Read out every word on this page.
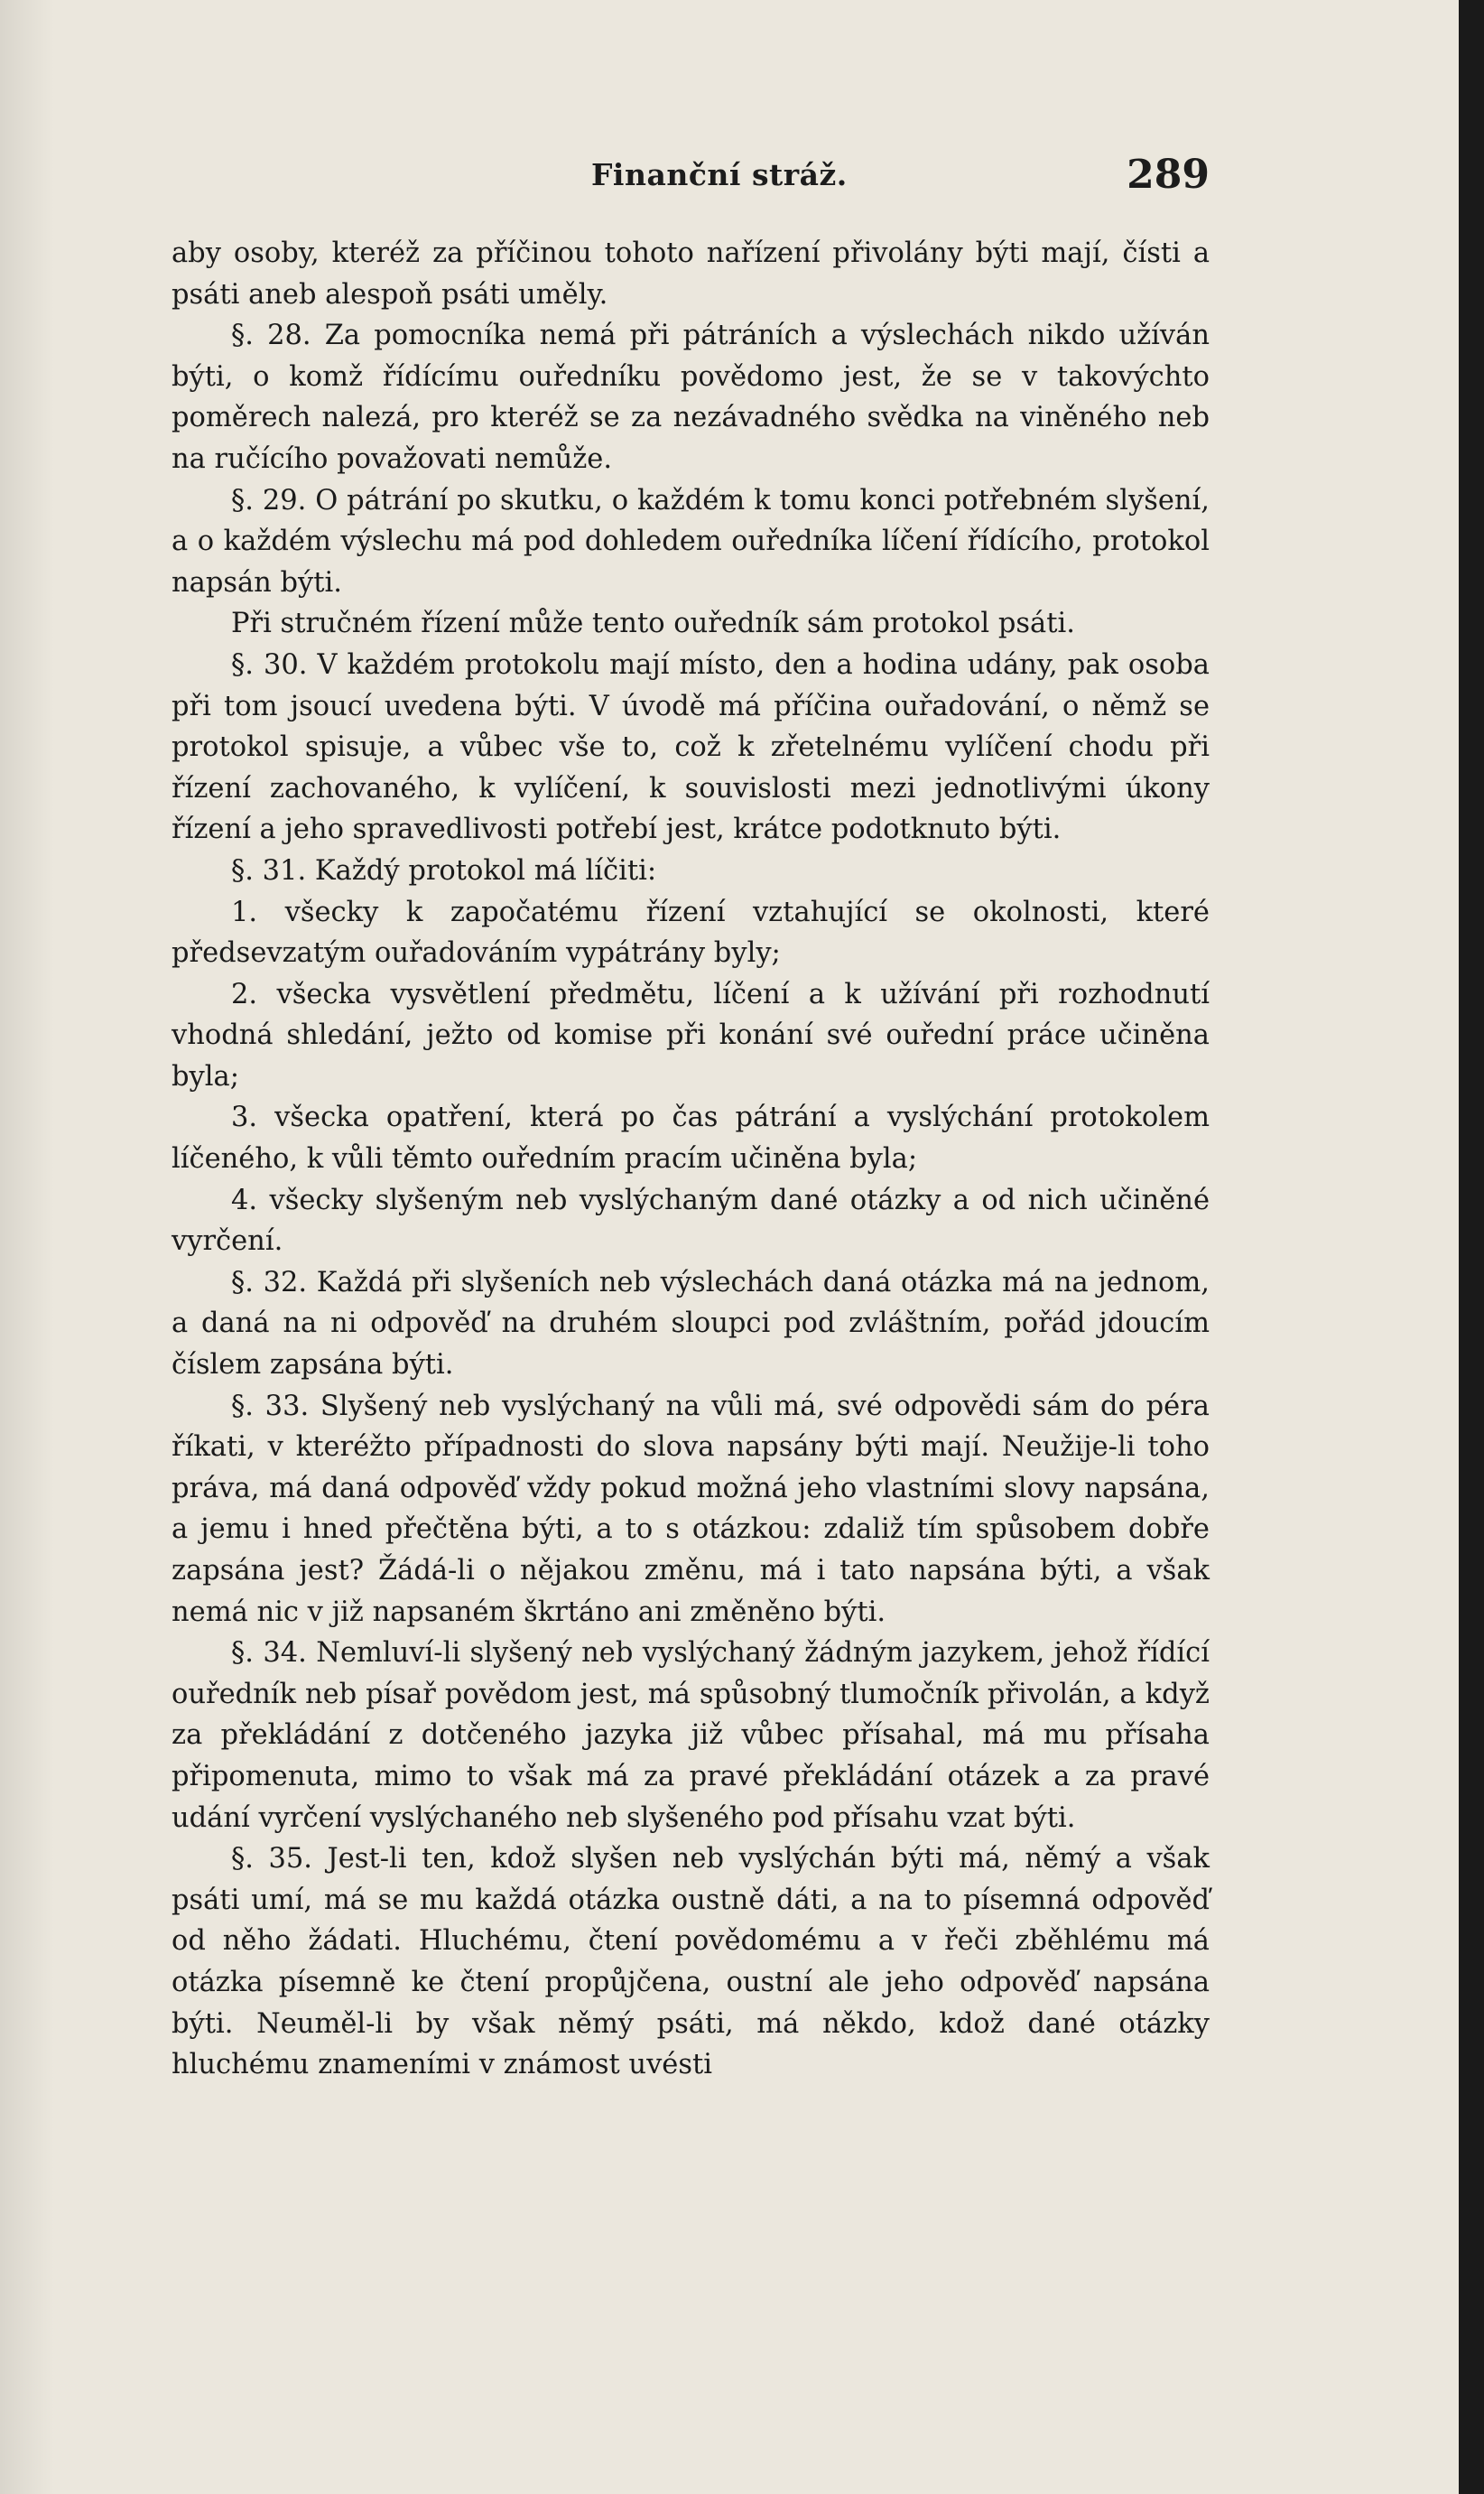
Finanční stráž.	289

aby osoby, kteréž za příčinou tohoto nařízení přivolány býti mají, čísti a psáti aneb alespoň psáti uměly.

§. 28. Za pomocníka nemá při pátráních a výslechách nikdo užíván býti, o komž řídícímu ouředníku povědomo jest, že se v takovýchto poměrech nalezá, pro kteréž se za nezávadného svědka na viněného neb na ručícího považovati nemůže.

§. 29. O pátrání po skutku, o každém k tomu konci potřebném slyšení, a o každém výslechu má pod dohledem ouředníka líčení řídícího, protokol napsán býti.

Při stručném řízení může tento ouředník sám protokol psáti.

§. 30. V každém protokolu mají místo, den a hodina udány, pak osoba při tom jsoucí uvedena býti. V úvodě má příčina ouřadování, o němž se protokol spisuje, a vůbec vše to, což k zřetelnému vylíčení chodu při řízení zachovaného, k vylíčení, k souvislosti mezi jednotlivými úkony řízení a jeho spravedlivosti potřebí jest, krátce podotknuto býti.

§. 31. Každý protokol má líčiti:

1. všecky k započatému řízení vztahující se okolnosti, které předsevzatým ouřadováním vypátrány byly;

2. všecka vysvětlení předmětu, líčení a k užívání při rozhodnutí vhodná shledání, ježto od komise při konání své ouřední práce učiněna byla;

3. všecka opatření, která po čas pátrání a vyslýchání protokolem líčeného, k vůli těmto ouředním pracím učiněna byla;

4. všecky slyšeným neb vyslýchaným dané otázky a od nich učiněné vyrčení.

§. 32. Každá při slyšeních neb výslechách daná otázka má na jednom, a daná na ni odpověď na druhém sloupci pod zvláštním, pořád jdoucím číslem zapsána býti.

§. 33. Slyšený neb vyslýchaný na vůli má, své odpovědi sám do péra říkati, v kteréžto případnosti do slova napsány býti mají. Neužije-li toho práva, má daná odpověď vždy pokud možná jeho vlastními slovy napsána, a jemu i hned přečtěna býti, a to s otázkou: zdaliž tím spůsobem dobře zapsána jest? Žádá-li o nějakou změnu, má i tato napsána býti, a však nemá nic v již napsaném škrtáno ani změněno býti.

§. 34. Nemluví-li slyšený neb vyslýchaný žádným jazykem, jehož řídící ouředník neb písař povědom jest, má spůsobný tlumočník přivolán, a když za překládání z dotčeného jazyka již vůbec přísahal, má mu přísaha připomenuta, mimo to však má za pravé překládání otázek a za pravé udání vyrčení vyslýchaného neb slyšeného pod přísahu vzat býti.

§. 35. Jest-li ten, kdož slyšen neb vyslýchán býti má, němý a však psáti umí, má se mu každá otázka oustně dáti, a na to písemná odpověď od něho žádati. Hluchému, čtení povědomému a v řeči zběhlému má otázka písemně ke čtení propůjčena, oustní ale jeho odpověď napsána býti. Neuměl-li by však němý psáti, má někdo, kdož dané otázky hluchému znameními v známost uvésti
